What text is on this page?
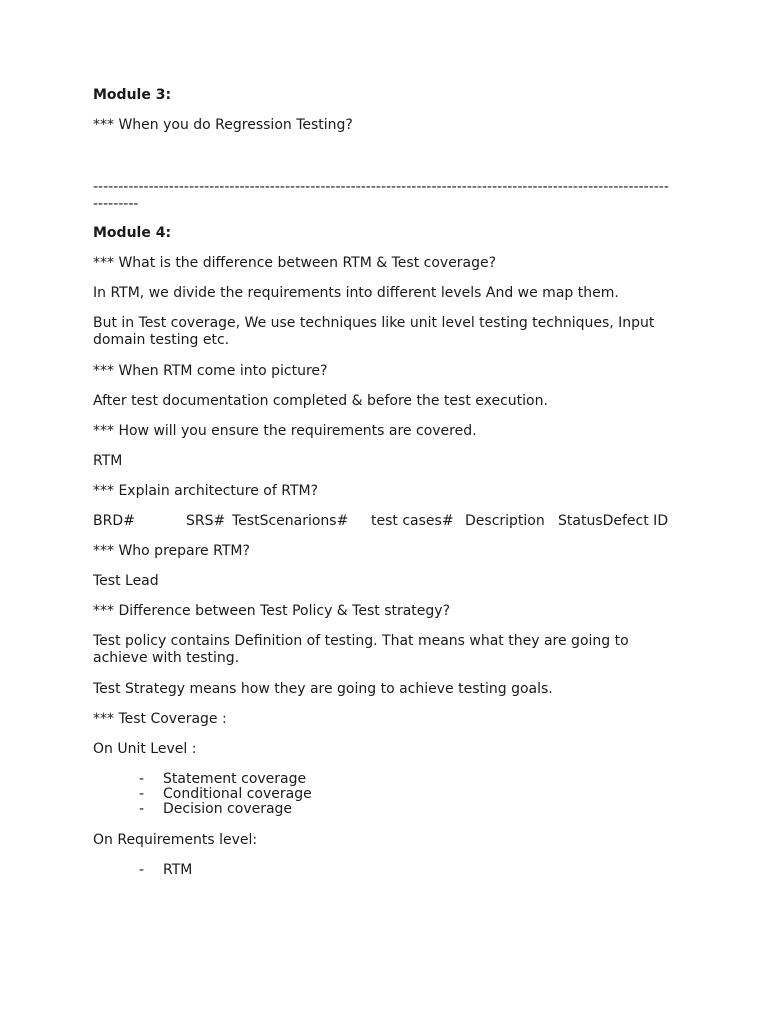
Module 3:
*** When you do Regression Testing?
---------------------------------------------------------------------------------------------------------------------------
Module 4:
*** What is the difference between RTM & Test coverage?
In RTM, we divide the requirements into different levels And we map them.
But in Test coverage, We use techniques like unit level testing techniques, Input domain testing etc.
*** When RTM come into picture?
After test documentation completed & before the test execution.
*** How will you ensure the requirements are covered.
RTM
*** Explain architecture of RTM?
BRD#	SRS# TestScenarions# test cases# Description StatusDefect ID
*** Who prepare RTM?
Test Lead
*** Difference between Test Policy & Test strategy?
Test policy contains Definition of testing. That means what they are going to achieve with testing.
Test Strategy means how they are going to achieve testing goals.
*** Test Coverage :
On Unit Level :
- Statement coverage
- Conditional coverage
- Decision coverage
On Requirements level:
- RTM
